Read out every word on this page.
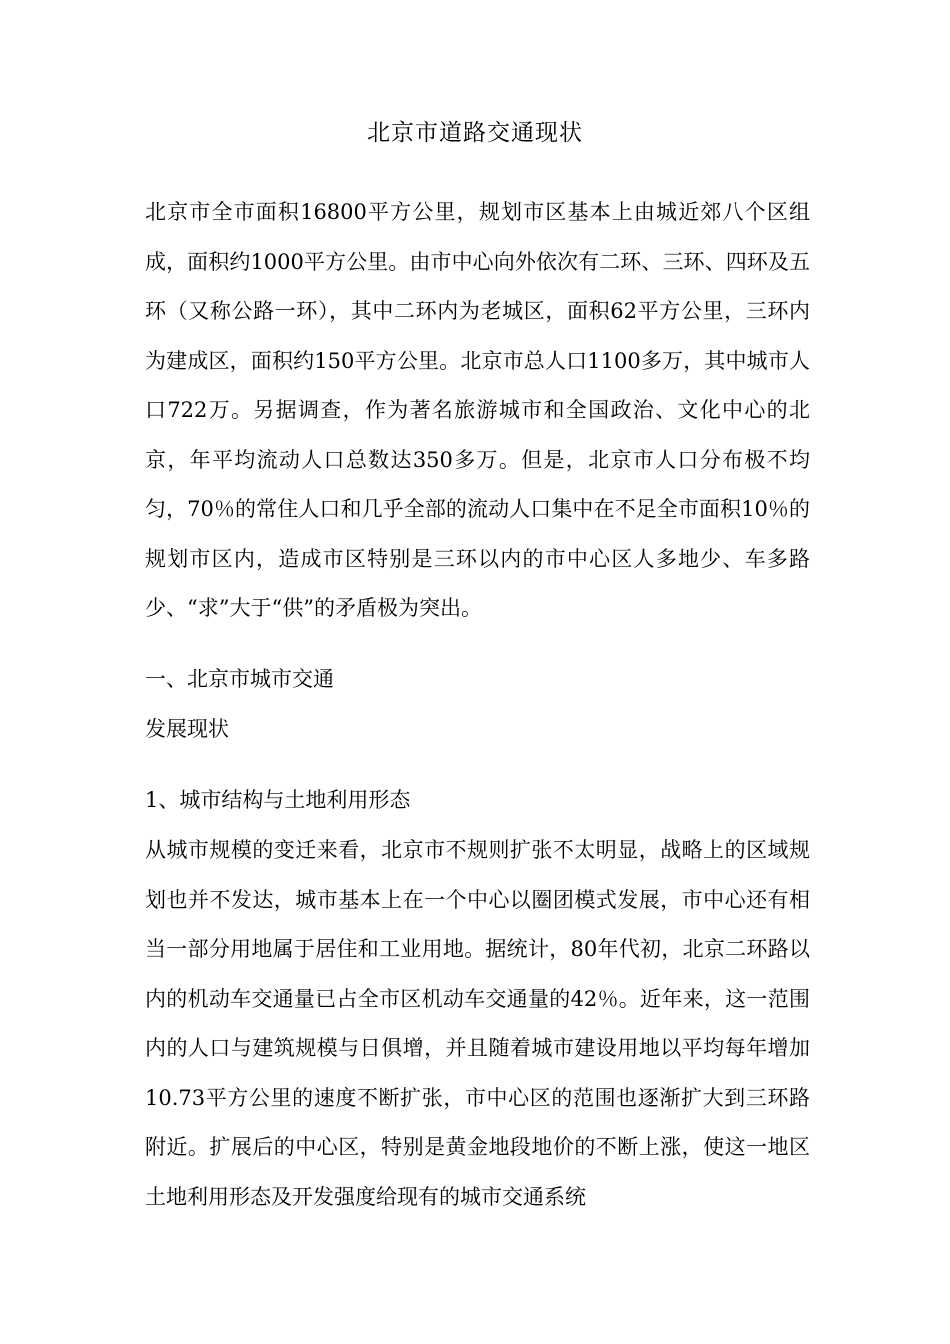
北京市道路交通现状

北京市全市面积16800平方公里，规划市区基本上由城近郊八个区组成，面积约1000平方公里。由市中心向外依次有二环、三环、四环及五环（又称公路一环），其中二环内为老城区，面积62平方公里，三环内为建成区，面积约150平方公里。北京市总人口1100多万，其中城市人口722万。另据调查，作为著名旅游城市和全国政治、文化中心的北京，年平均流动人口总数达350多万。但是，北京市人口分布极不均匀，70％的常住人口和几乎全部的流动人口集中在不足全市面积10％的规划市区内，造成市区特别是三环以内的市中心区人多地少、车多路少、“求”大于“供”的矛盾极为突出。

一、北京市城市交通

发展现状

1、城市结构与土地利用形态

从城市规模的变迁来看，北京市不规则扩张不太明显，战略上的区域规划也并不发达，城市基本上在一个中心以圈团模式发展，市中心还有相当一部分用地属于居住和工业用地。据统计，80年代初，北京二环路以内的机动车交通量已占全市区机动车交通量的42％。近年来，这一范围内的人口与建筑规模与日俱增，并且随着城市建设用地以平均每年增加10.73平方公里的速度不断扩张，市中心区的范围也逐渐扩大到三环路附近。扩展后的中心区，特别是黄金地段地价的不断上涨，使这一地区土地利用形态及开发强度给现有的城市交通系统
